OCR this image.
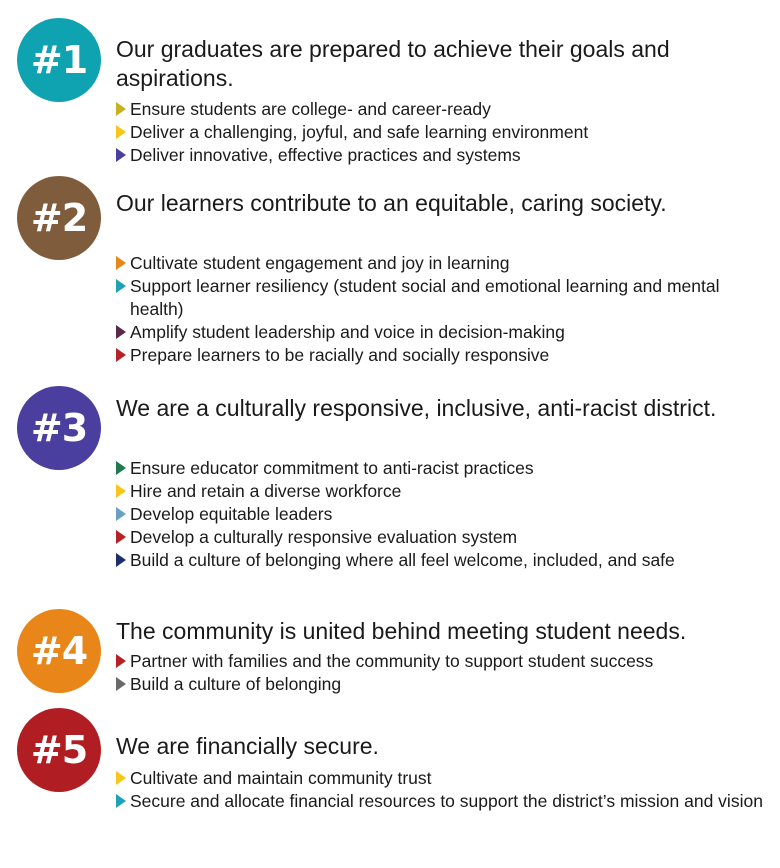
#1	Our graduates are prepared to achieve their goals and aspirations.
Ensure students are college- and career-ready
Deliver a challenging, joyful, and safe learning environment
Deliver innovative, effective practices and systems
#2	Our learners contribute to an equitable, caring society.
Cultivate student engagement and joy in learning
Support learner resiliency (student social and emotional learning and mental health)
Amplify student leadership and voice in decision-making
Prepare learners to be racially and socially responsive
#3	We are a culturally responsive, inclusive, anti-racist district.
Ensure educator commitment to anti-racist practices
Hire and retain a diverse workforce
Develop equitable leaders
Develop a culturally responsive evaluation system
Build a culture of belonging where all feel welcome, included, and safe
#4	The community is united behind meeting student needs.
Partner with families and the community to support student success
Build a culture of belonging
#5	We are financially secure.
Cultivate and maintain community trust
Secure and allocate financial resources to support the district’s mission and vision
